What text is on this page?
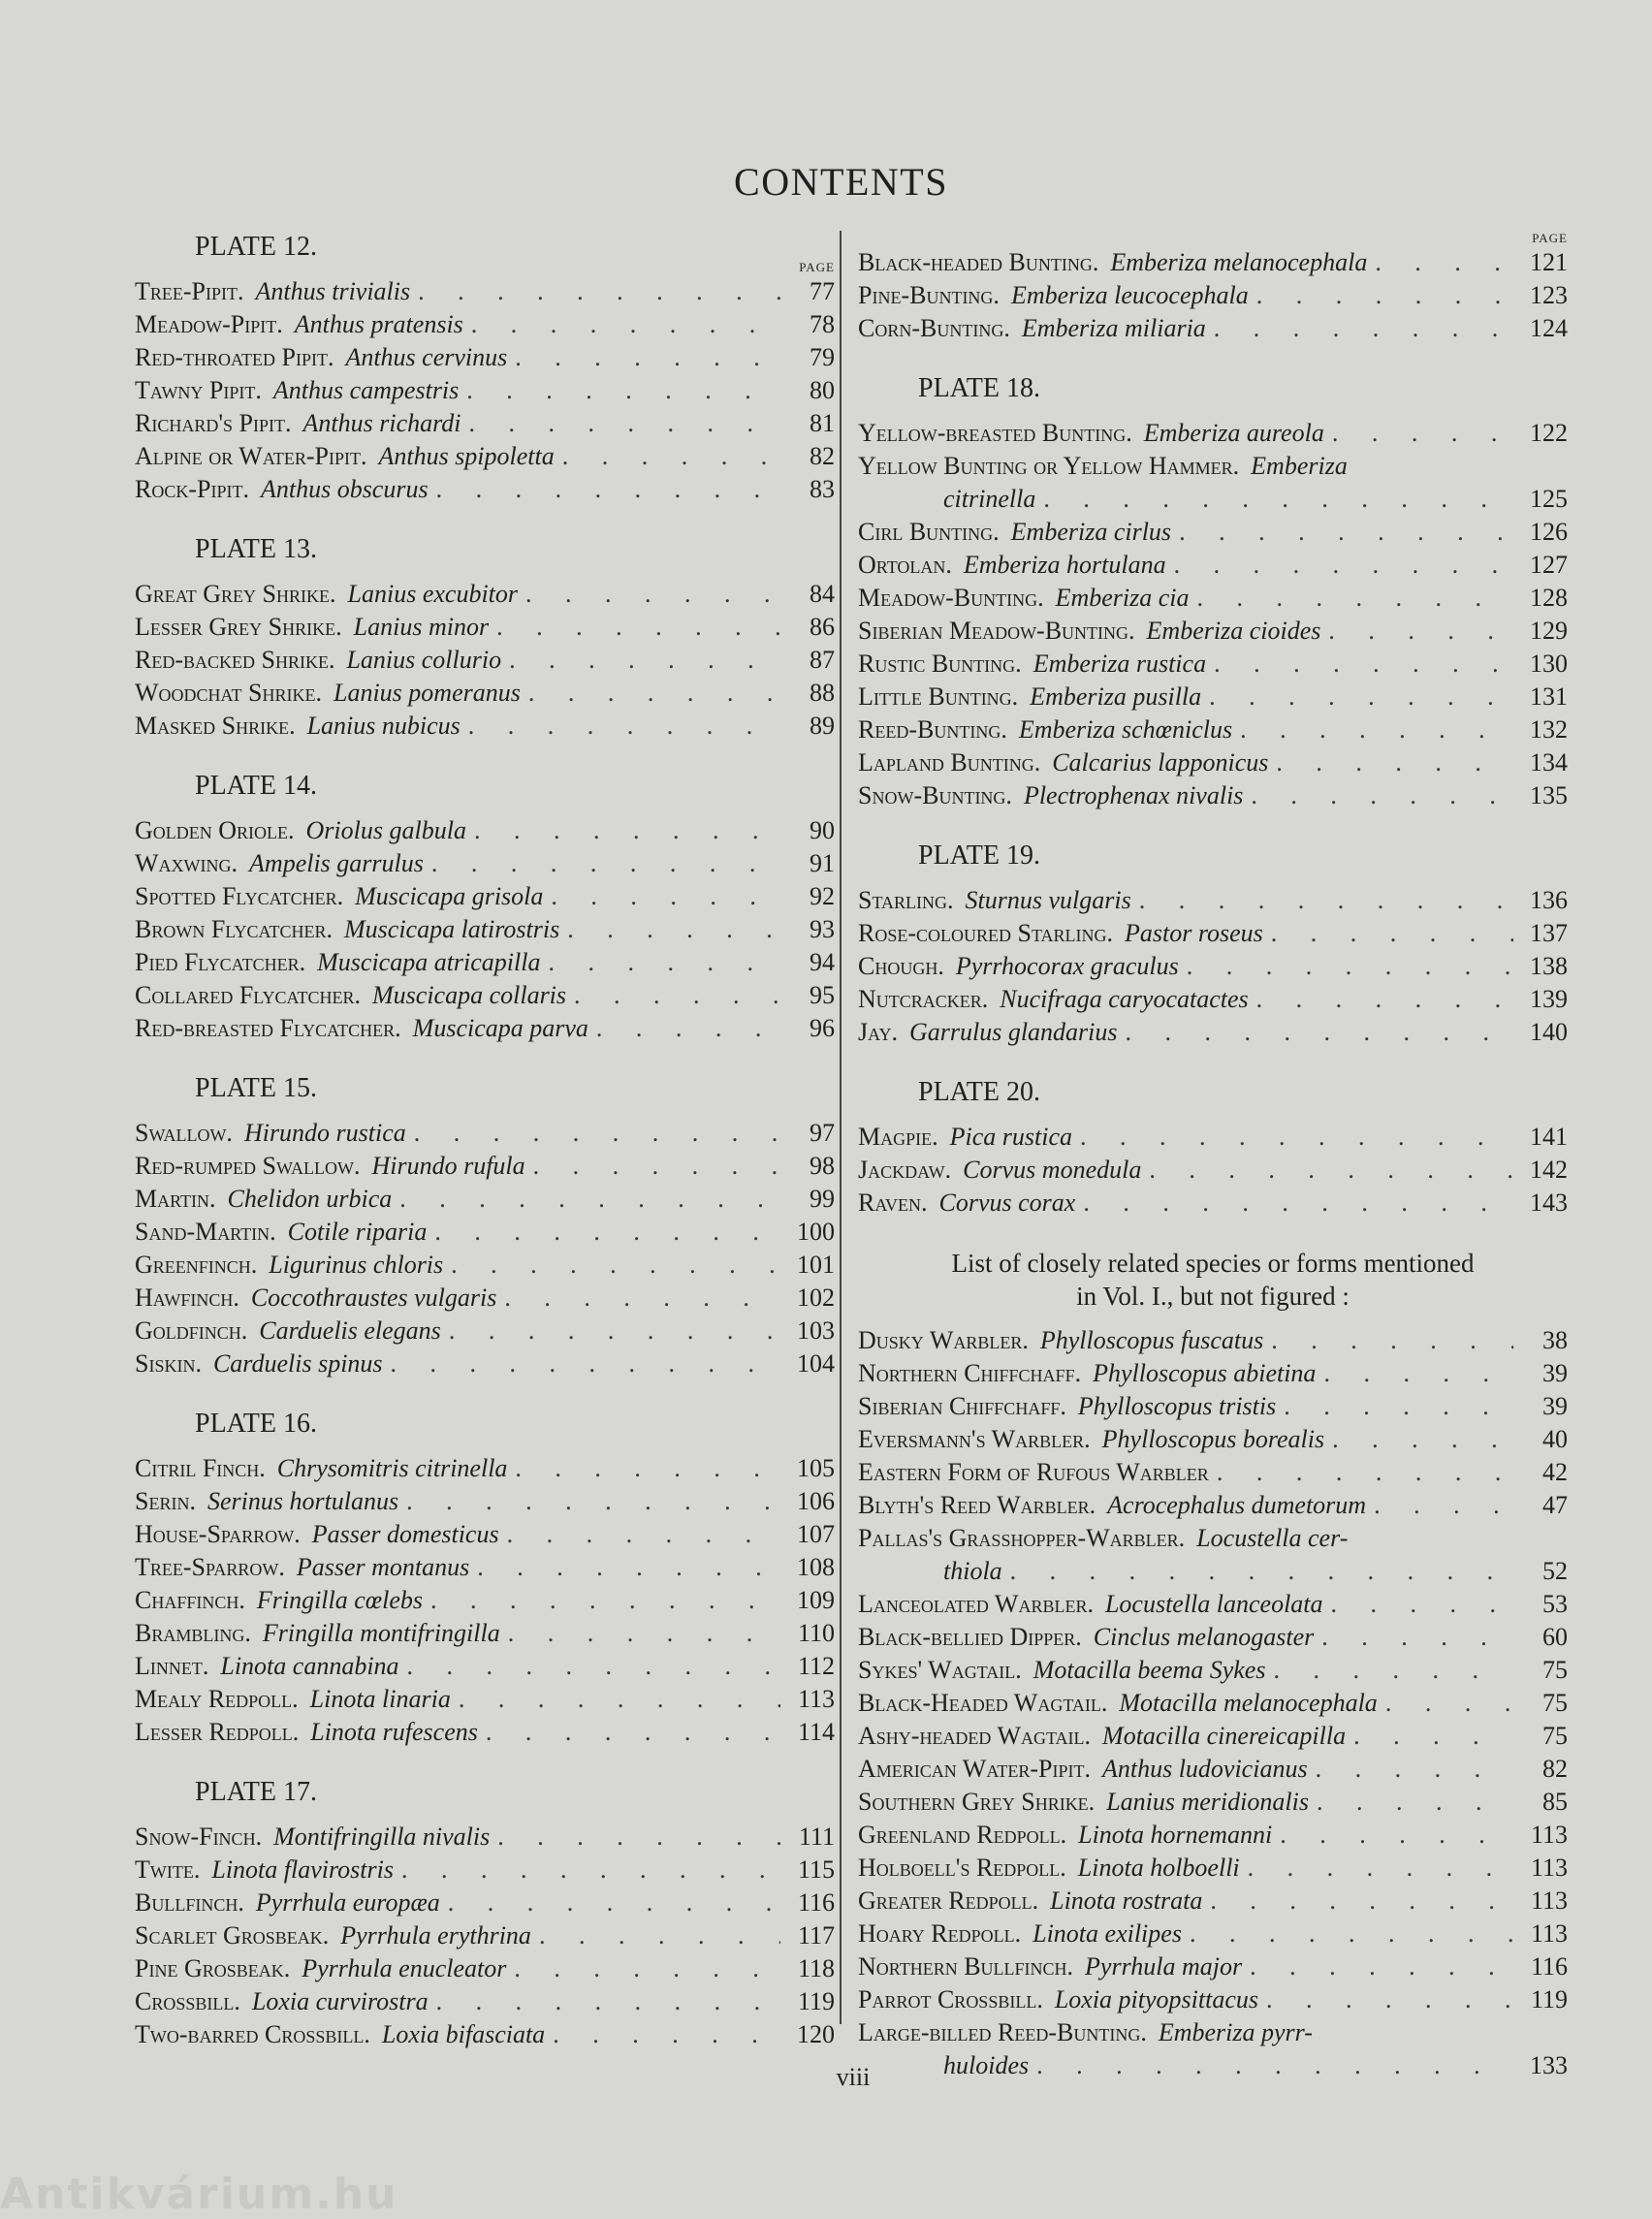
CONTENTS
PLATE 12.
PAGE
Tree-Pipit. Anthus trivialis . . .	77
Meadow-Pipit. Anthus pratensis . . .	78
Red-throated Pipit. Anthus cervinus . . .	79
Tawny Pipit. Anthus campestris . . .	80
Richard's Pipit. Anthus richardi . . .	81
Alpine or Water-Pipit. Anthus spipoletta . . .	82
Rock-Pipit. Anthus obscurus . . .	83
PLATE 13.
Great Grey Shrike. Lanius excubitor . . .	84
Lesser Grey Shrike. Lanius minor . . .	86
Red-backed Shrike. Lanius collurio . . .	87
Woodchat Shrike. Lanius pomeranus . . .	88
Masked Shrike. Lanius nubicus . . .	89
PLATE 14.
Golden Oriole. Oriolus galbula . . .	90
Waxwing. Ampelis garrulus . . .	91
Spotted Flycatcher. Muscicapa grisola . . .	92
Brown Flycatcher. Muscicapa latirostris . . .	93
Pied Flycatcher. Muscicapa atricapilla . . .	94
Collared Flycatcher. Muscicapa collaris . . .	95
Red-breasted Flycatcher. Muscicapa parva . . .	96
PLATE 15.
Swallow. Hirundo rustica . . .	97
Red-rumped Swallow. Hirundo rufula . . .	98
Martin. Chelidon urbica . . .	99
Sand-Martin. Cotile riparia . . .	100
Greenfinch. Ligurinus chloris . . .	101
Hawfinch. Coccothraustes vulgaris . . .	102
Goldfinch. Carduelis elegans . . .	103
Siskin. Carduelis spinus . . .	104
PLATE 16.
Citril Finch. Chrysomitris citrinella . . .	105
Serin. Serinus hortulanus . . .	106
House-Sparrow. Passer domesticus . . .	107
Tree-Sparrow. Passer montanus . . .	108
Chaffinch. Fringilla cœlebs . . .	109
Brambling. Fringilla montifringilla . . .	110
Linnet. Linota cannabina . . .	112
Mealy Redpoll. Linota linaria . . .	113
Lesser Redpoll. Linota rufescens . . .	114
PLATE 17.
Snow-Finch. Montifringilla nivalis . . .	111
Twite. Linota flavirostris . . .	115
Bullfinch. Pyrrhula europæa . . .	116
Scarlet Grosbeak. Pyrrhula erythrina . . .	117
Pine Grosbeak. Pyrrhula enucleator . . .	118
Crossbill. Loxia curvirostra . . .	119
Two-barred Crossbill. Loxia bifasciata . . .	120
PAGE
Black-headed Bunting. Emberiza melanocephala . . .	121
Pine-Bunting. Emberiza leucocephala . . .	123
Corn-Bunting. Emberiza miliaria . . .	124
PLATE 18.
Yellow-breasted Bunting. Emberiza aureola . . .	122
Yellow Bunting or Yellow Hammer. Emberiza
citrinella . . .	125
Cirl Bunting. Emberiza cirlus . . .	126
Ortolan. Emberiza hortulana . . .	127
Meadow-Bunting. Emberiza cia . . .	128
Siberian Meadow-Bunting. Emberiza cioides . . .	129
Rustic Bunting. Emberiza rustica . . .	130
Little Bunting. Emberiza pusilla . . .	131
Reed-Bunting. Emberiza schœniclus . . .	132
Lapland Bunting. Calcarius lapponicus . . .	134
Snow-Bunting. Plectrophenax nivalis . . .	135
PLATE 19.
Starling. Sturnus vulgaris . . .	136
Rose-coloured Starling. Pastor roseus . . .	137
Chough. Pyrrhocorax graculus . . .	138
Nutcracker. Nucifraga caryocatactes . . .	139
Jay. Garrulus glandarius . . .	140
PLATE 20.
Magpie. Pica rustica . . .	141
Jackdaw. Corvus monedula . . .	142
Raven. Corvus corax . . .	143
List of closely related species or forms mentioned
in Vol. I., but not figured :
Dusky Warbler. Phylloscopus fuscatus . . .	38
Northern Chiffchaff. Phylloscopus abietina . . .	39
Siberian Chiffchaff. Phylloscopus tristis . . .	39
Eversmann's Warbler. Phylloscopus borealis . . .	40
Eastern Form of Rufous Warbler . . .	42
Blyth's Reed Warbler. Acrocephalus dumetorum . . .	47
Pallas's Grasshopper-Warbler. Locustella cer-
thiola . . .	52
Lanceolated Warbler. Locustella lanceolata . . .	53
Black-bellied Dipper. Cinclus melanogaster . . .	60
Sykes' Wagtail. Motacilla beema Sykes . . .	75
Black-Headed Wagtail. Motacilla melanocephala . . .	75
Ashy-headed Wagtail. Motacilla cinereicapilla . . .	75
American Water-Pipit. Anthus ludovicianus . . .	82
Southern Grey Shrike. Lanius meridionalis . . .	85
Greenland Redpoll. Linota hornemanni . . .	113
Holboell's Redpoll. Linota holboelli . . .	113
Greater Redpoll. Linota rostrata . . .	113
Hoary Redpoll. Linota exilipes . . .	113
Northern Bullfinch. Pyrrhula major . . .	116
Parrot Crossbill. Loxia pityopsittacus . . .	119
Large-billed Reed-Bunting. Emberiza pyrr-
huloides . . .	133
viii
Antikvárium.hu
